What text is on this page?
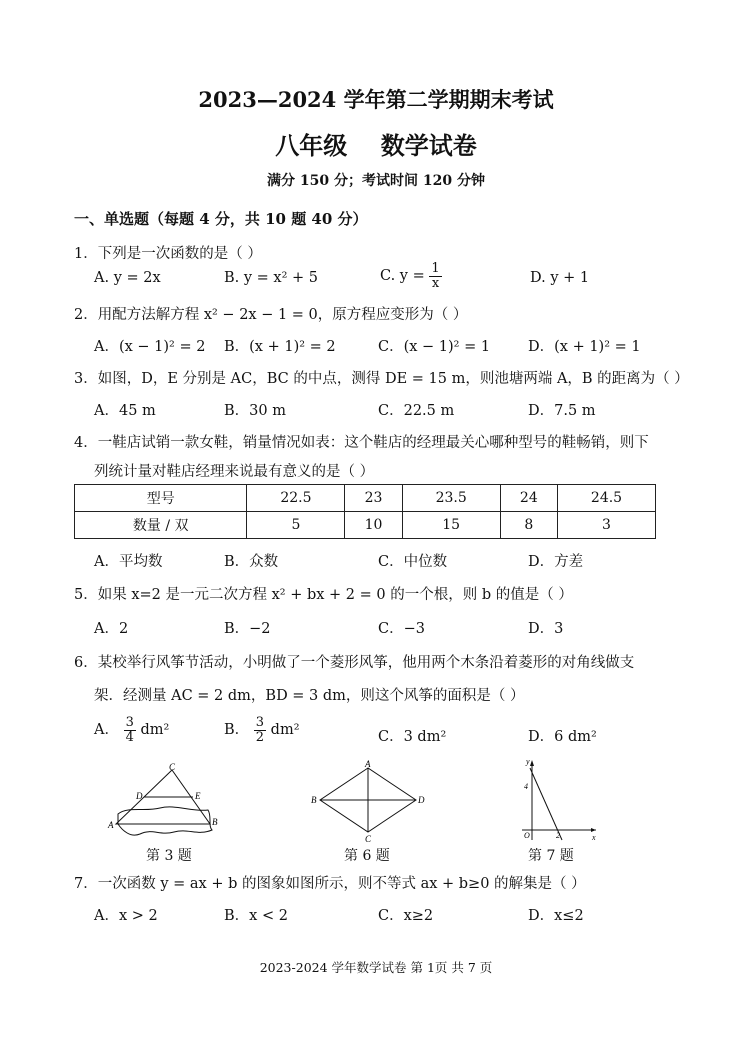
2023—2024 学年第二学期期末考试
八年级    数学试卷
满分 150 分；考试时间 120 分钟
一、单选题（每题 4 分，共 10 题 40 分）
1．下列是一次函数的是（ ）
A. y = 2x	B. y = x² + 5	C. $y = \frac{1}{x}$	D. y + 1
2．用配方法解方程 x² − 2x − 1 = 0，原方程应变形为（ ）
A．(x − 1)² = 2 B．(x + 1)² = 2	C．(x − 1)² = 1	D．(x + 1)² = 1
3．如图，D，E 分别是 AC，BC 的中点，测得 DE = 15 m，则池塘两端 A，B 的距离为（ ）
A．45 m	B．30 m	C．22.5 m	D．7.5 m
4．一鞋店试销一款女鞋，销量情况如表：这个鞋店的经理最关心哪种型号的鞋畅销，则下
列统计量对鞋店经理来说最有意义的是（ ）
型号	22.5	23	23.5	24	24.5
数量 / 双	5	10	15	8	3
A．平均数	B．众数	C．中位数	D．方差
5．如果 x=2 是一元二次方程 x² + bx + 2 = 0 的一个根，则 b 的值是（ ）
A．2	B．−2	C．−3	D．3
6．某校举行风筝节活动，小明做了一个菱形风筝，他用两个木条沿着菱形的对角线做支
架．经测量 AC = 2 dm，BD = 3 dm，则这个风筝的面积是（ ）
A． $\frac{3}{4} dm^2$	B． $\frac{3}{2} dm^2$	C．3 dm²	D．6 dm²
C
D	E
A	B
第 3 题
A
B
C
D
第 6 题
y
x
O
4
2
第 7 题
7．一次函数 y = ax + b 的图象如图所示，则不等式 ax + b≥0 的解集是（ ）
A．x > 2	B．x < 2	C．x≥2	D．x≤2
2023-2024 学年数学试卷 第 1页 共 7 页
